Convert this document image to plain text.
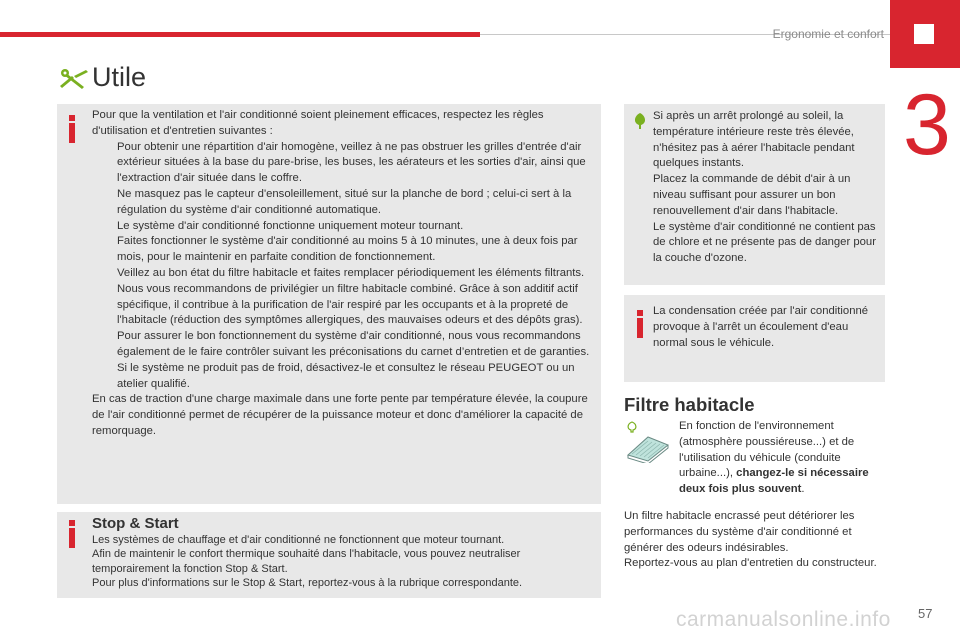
Ergonomie et confort
3
Utile
Pour que la ventilation et l'air conditionné soient pleinement efficaces, respectez les règles d'utilisation et d'entretien suivantes :
Pour obtenir une répartition d'air homogène, veillez à ne pas obstruer les grilles d'entrée d'air extérieur situées à la base du pare-brise, les buses, les aérateurs et les sorties d'air, ainsi que l'extraction d'air située dans le coffre.
Ne masquez pas le capteur d'ensoleillement, situé sur la planche de bord ; celui-ci sert à la régulation du système d'air conditionné automatique.
Le système d'air conditionné fonctionne uniquement moteur tournant.
Faites fonctionner le système d'air conditionné au moins 5 à 10 minutes, une à deux fois par mois, pour le maintenir en parfaite condition de fonctionnement.
Veillez au bon état du filtre habitacle et faites remplacer périodiquement les éléments filtrants.
Nous vous recommandons de privilégier un filtre habitacle combiné. Grâce à son additif actif spécifique, il contribue à la purification de l'air respiré par les occupants et à la propreté de l'habitacle (réduction des symptômes allergiques, des mauvaises odeurs et des dépôts gras).
Pour assurer le bon fonctionnement du système d'air conditionné, nous vous recommandons également de le faire contrôler suivant les préconisations du carnet d’entretien et de garanties.
Si le système ne produit pas de froid, désactivez-le et consultez le réseau PEUGEOT ou un atelier qualifié.
En cas de traction d'une charge maximale dans une forte pente par température élevée, la coupure de l'air conditionné permet de récupérer de la puissance moteur et donc d'améliorer la capacité de remorquage.
Stop & Start
Les systèmes de chauffage et d'air conditionné ne fonctionnent que moteur tournant.
Afin de maintenir le confort thermique souhaité dans l'habitacle, vous pouvez neutraliser temporairement la fonction Stop & Start.
Pour plus d'informations sur le Stop & Start, reportez-vous à la rubrique correspondante.
Si après un arrêt prolongé au soleil, la température intérieure reste très élevée, n'hésitez pas à aérer l'habitacle pendant quelques instants.
Placez la commande de débit d'air à un niveau suffisant pour assurer un bon renouvellement d'air dans l'habitacle.
Le système d'air conditionné ne contient pas de chlore et ne présente pas de danger pour la couche d'ozone.
La condensation créée par l'air conditionné provoque à l'arrêt un écoulement d'eau normal sous le véhicule.
Filtre habitacle
En fonction de l'environnement (atmosphère poussiéreuse...) et de l'utilisation du véhicule (conduite urbaine...), changez-le si nécessaire deux fois plus souvent.
Un filtre habitacle encrassé peut détériorer les performances du système d'air conditionné et générer des odeurs indésirables.
Reportez-vous au plan d'entretien du constructeur.
carmanualsonline.info 57
